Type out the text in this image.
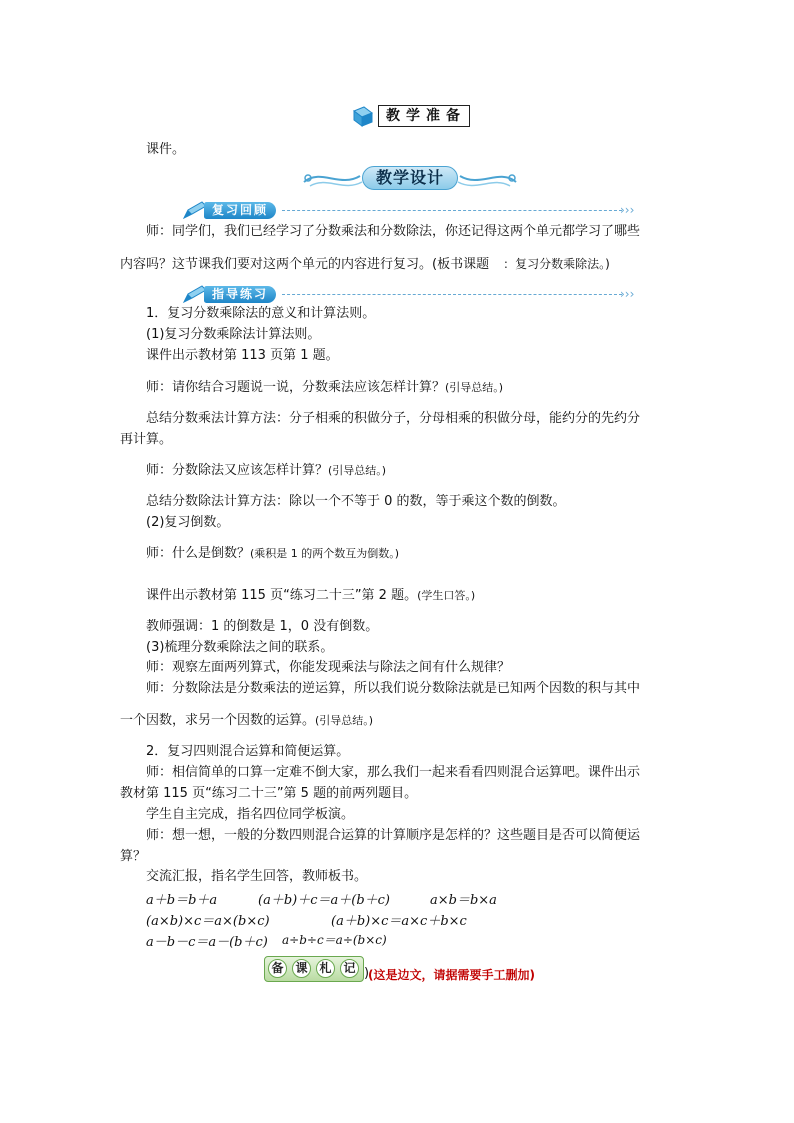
教学准备
课件。
教学设计
复习回顾	›››
师：同学们，我们已经学习了分数乘法和分数除法，你还记得这两个单元都学习了哪些
内容吗？这节课我们要对这两个单元的内容进行复习。(板书课题 ：复习分数乘除法。)
指导练习	›››
1．复习分数乘除法的意义和计算法则。
(1)复习分数乘除法计算法则。
课件出示教材第 113 页第 1 题。
师：请你结合习题说一说，分数乘法应该怎样计算？(引导总结。)
总结分数乘法计算方法：分子相乘的积做分子，分母相乘的积做分母，能约分的先约分
再计算。
师：分数除法又应该怎样计算？(引导总结。)
总结分数除法计算方法：除以一个不等于 0 的数，等于乘这个数的倒数。
(2)复习倒数。
师：什么是倒数？(乘积是 1 的两个数互为倒数。)
课件出示教材第 115 页“练习二十三”第 2 题。(学生口答。)
教师强调：1 的倒数是 1，0 没有倒数。
(3)梳理分数乘除法之间的联系。
师：观察左面两列算式，你能发现乘法与除法之间有什么规律？
师：分数除法是分数乘法的逆运算，所以我们说分数除法就是已知两个因数的积与其中
一个因数，求另一个因数的运算。(引导总结。)
2．复习四则混合运算和简便运算。
师：相信简单的口算一定难不倒大家，那么我们一起来看看四则混合运算吧。课件出示
教材第 115 页“练习二十三”第 5 题的前两列题目。
学生自主完成，指名四位同学板演。
师：想一想，一般的分数四则混合运算的计算顺序是怎样的？这些题目是否可以简便运
算？
交流汇报，指名学生回答，教师板书。
a＋b＝b＋a	(a＋b)＋c＝a＋(b＋c)	a×b＝b×a
(a×b)×c＝a×(b×c)	(a＋b)×c＝a×c＋b×c
a－b－c＝a－(b＋c) a÷b÷c＝a÷(b×c)
备 课 札 记 )
(这是边文，请据需要手工删加)
